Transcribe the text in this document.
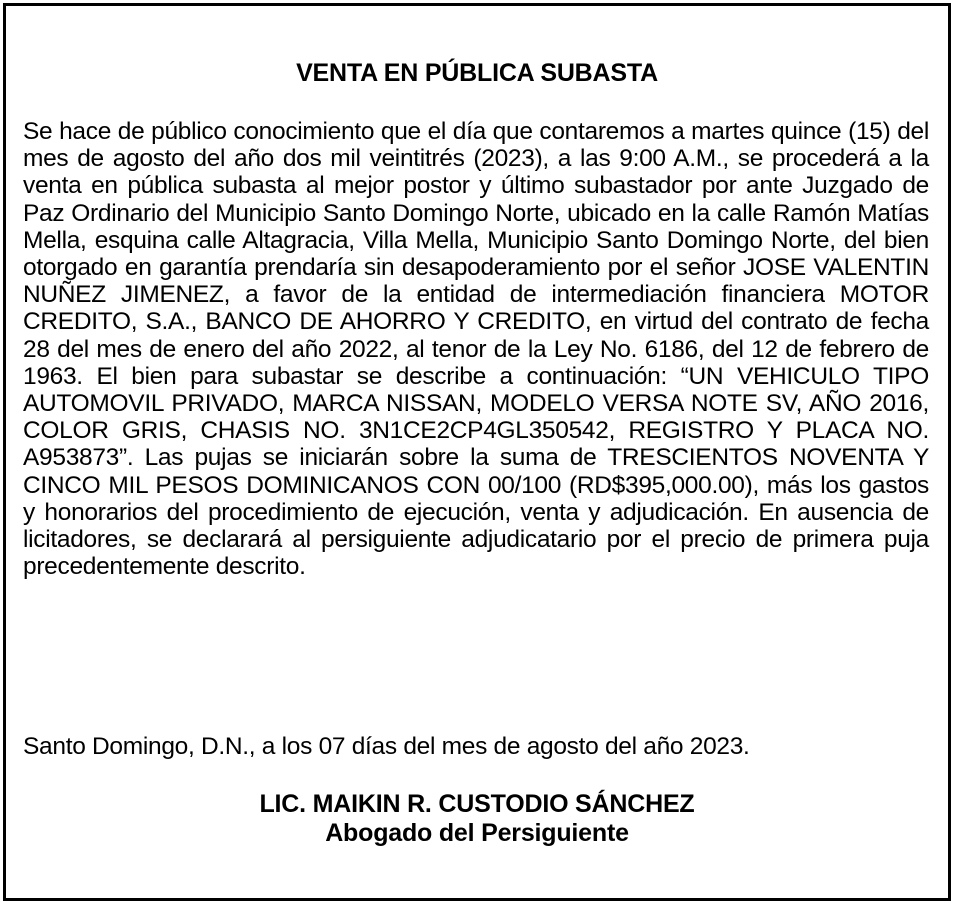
VENTA EN PÚBLICA SUBASTA
Se hace de público conocimiento que el día que contaremos a martes quince (15) del mes de agosto del año dos mil veintitrés (2023), a las 9:00 A.M., se procederá a la venta en pública subasta al mejor postor y último subastador por ante Juzgado de Paz Ordinario del Municipio Santo Domingo Norte, ubicado en la calle Ramón Matías Mella, esquina calle Altagracia, Villa Mella, Municipio Santo Domingo Norte, del bien otorgado en garantía prendaría sin desapoderamiento por el señor JOSE VALENTIN NUÑEZ JIMENEZ, a favor de la entidad de intermediación financiera MOTOR CREDITO, S.A., BANCO DE AHORRO Y CREDITO, en virtud del contrato de fecha 28 del mes de enero del año 2022, al tenor de la Ley No. 6186, del 12 de febrero de 1963. El bien para subastar se describe a continuación: “UN VEHICULO TIPO AUTOMOVIL PRIVADO, MARCA NISSAN, MODELO VERSA NOTE SV, AÑO 2016, COLOR GRIS, CHASIS NO. 3N1CE2CP4GL350542, REGISTRO Y PLACA NO. A953873”. Las pujas se iniciarán sobre la suma de TRESCIENTOS NOVENTA Y CINCO MIL PESOS DOMINICANOS CON 00/100 (RD$395,000.00), más los gastos y honorarios del procedimiento de ejecución, venta y adjudicación. En ausencia de licitadores, se declarará al persiguiente adjudicatario por el precio de primera puja precedentemente descrito.
Santo Domingo, D.N., a los 07 días del mes de agosto del año 2023.
LIC. MAIKIN R. CUSTODIO SÁNCHEZ
Abogado del Persiguiente
